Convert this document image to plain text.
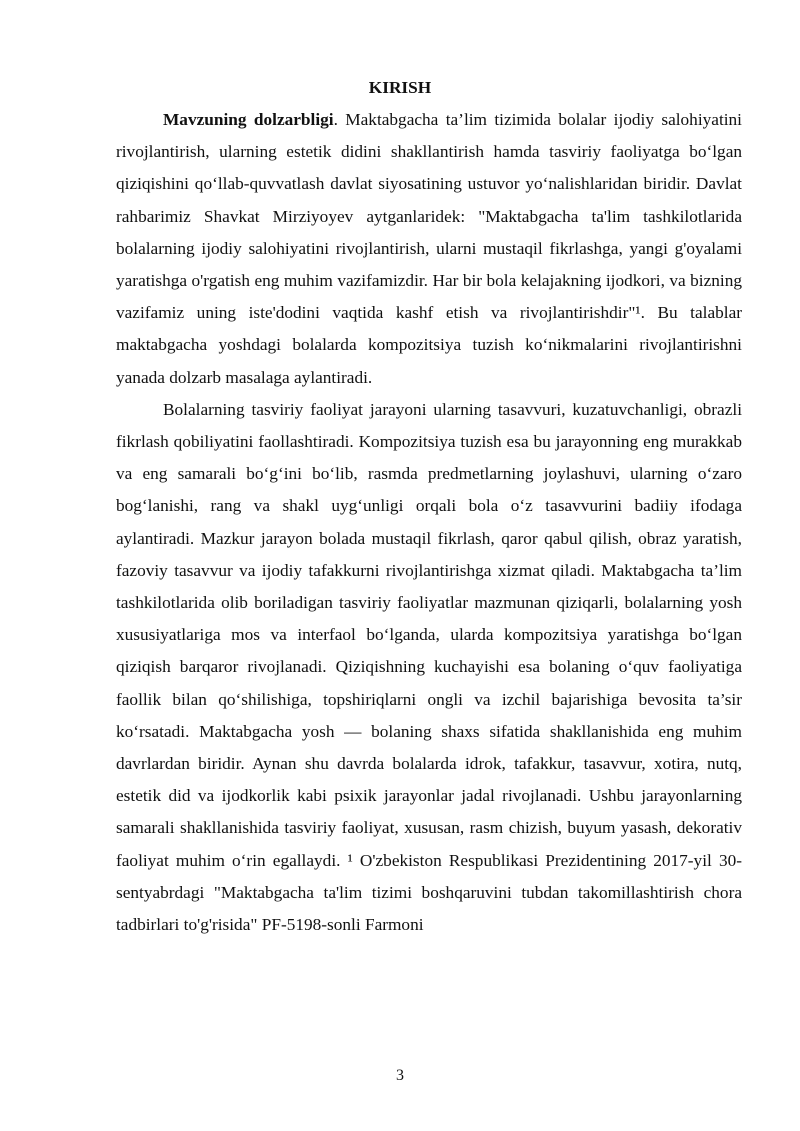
KIRISH

Mavzuning dolzarbligi. Maktabgacha ta’lim tizimida bolalar ijodiy salohiyatini rivojlantirish, ularning estetik didini shakllantirish hamda tasviriy faoliyatga bo‘lgan qiziqishini qo‘llab-quvvatlash davlat siyosatining ustuvor yo‘nalishlaridan biridir. Davlat rahbarimiz Shavkat Mirziyoyev aytganlaridek: "Maktabgacha ta'lim tashkilotlarida bolalarning ijodiy salohiyatini rivojlantirish, ularni mustaqil fikrlashga, yangi g'oyalami yaratishga o'rgatish eng muhim vazifamizdir. Har bir bola kelajakning ijodkori, va bizning vazifamiz uning iste'dodini vaqtida kashf etish va rivojlantirishdir"¹. Bu talablar maktabgacha yoshdagi bolalarda kompozitsiya tuzish ko‘nikmalarini rivojlantirishni yanada dolzarb masalaga aylantiradi.

Bolalarning tasviriy faoliyat jarayoni ularning tasavvuri, kuzatuvchanligi, obrazli fikrlash qobiliyatini faollashtiradi. Kompozitsiya tuzish esa bu jarayonning eng murakkab va eng samarali bo‘g‘ini bo‘lib, rasmda predmetlarning joylashuvi, ularning o‘zaro bog‘lanishi, rang va shakl uyg‘unligi orqali bola o‘z tasavvurini badiiy ifodaga aylantiradi. Mazkur jarayon bolada mustaqil fikrlash, qaror qabul qilish, obraz yaratish, fazoviy tasavvur va ijodiy tafakkurni rivojlantirishga xizmat qiladi. Maktabgacha ta’lim tashkilotlarida olib boriladigan tasviriy faoliyatlar mazmunan qiziqarli, bolalarning yosh xususiyatlariga mos va interfaol bo‘lganda, ularda kompozitsiya yaratishga bo‘lgan qiziqish barqaror rivojlanadi. Qiziqishning kuchayishi esa bolaning o‘quv faoliyatiga faollik bilan qo‘shilishiga, topshiriqlarni ongli va izchil bajarishiga bevosita ta’sir ko‘rsatadi. Maktabgacha yosh — bolaning shaxs sifatida shakllanishida eng muhim davrlardan biridir. Aynan shu davrda bolalarda idrok, tafakkur, tasavvur, xotira, nutq, estetik did va ijodkorlik kabi psixik jarayonlar jadal rivojlanadi. Ushbu jarayonlarning samarali shakllanishida tasviriy faoliyat, xususan, rasm chizish, buyum yasash, dekorativ faoliyat muhim o‘rin egallaydi. ¹ O'zbekiston Respublikasi Prezidentining 2017-yil 30-sentyabrdagi "Maktabgacha ta'lim tizimi boshqaruvini tubdan takomillashtirish chora tadbirlari to'g'risida" PF-5198-sonli Farmoni

3
